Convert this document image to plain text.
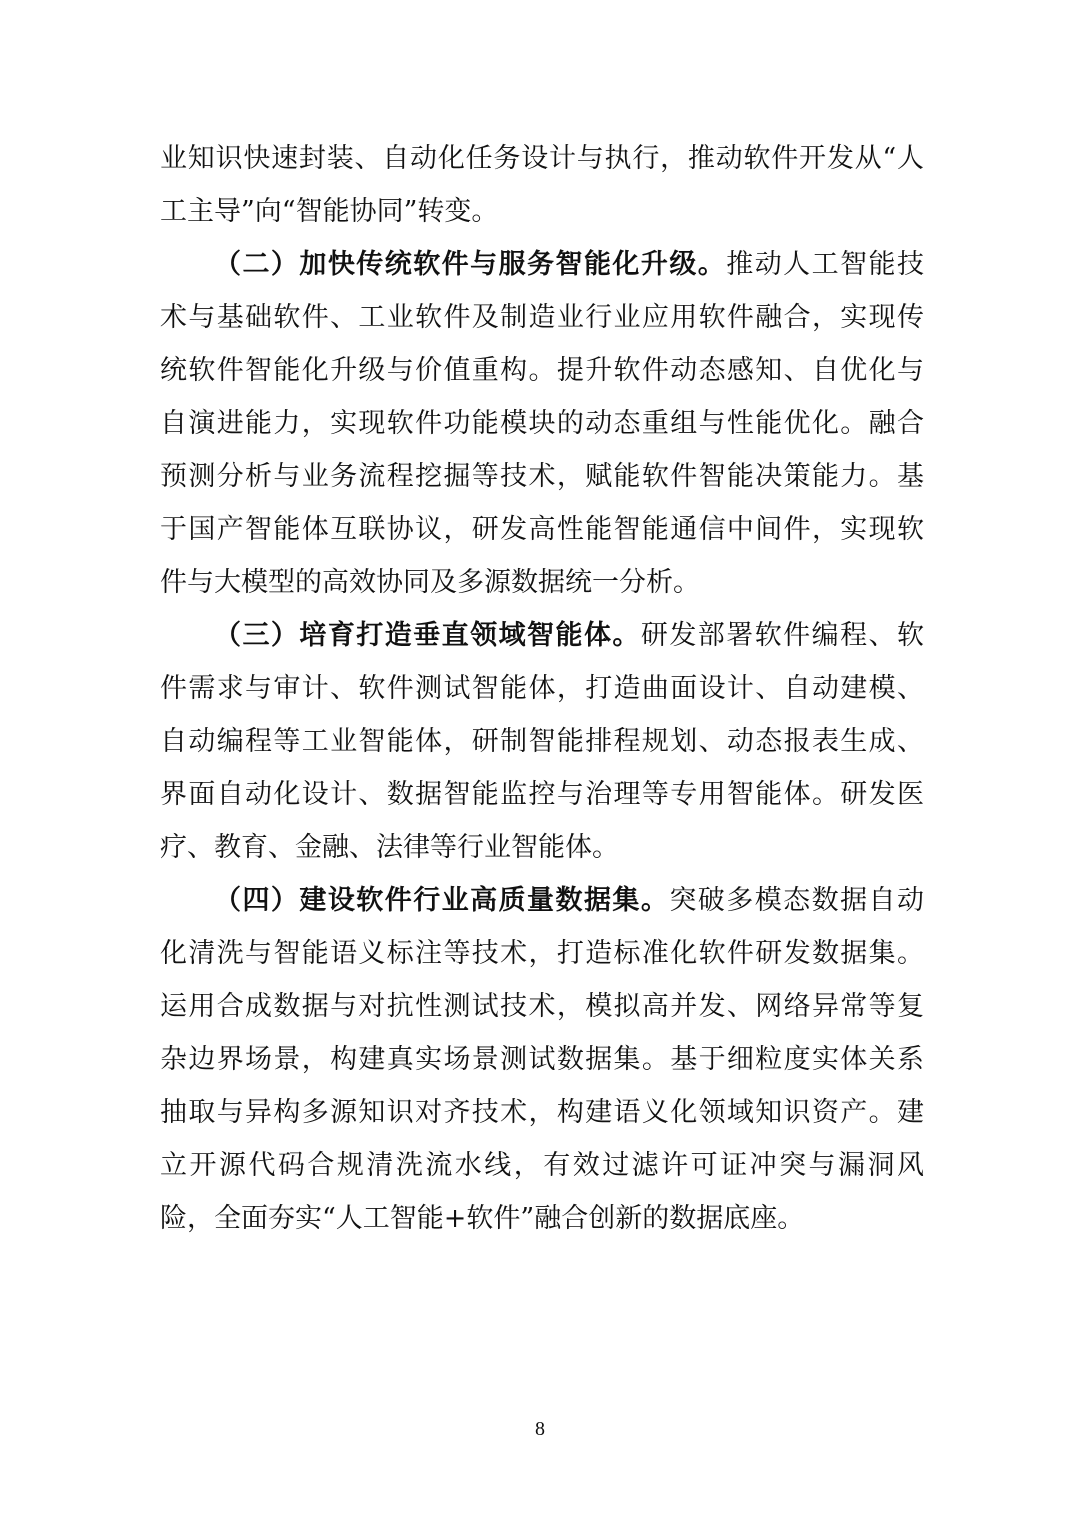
业知识快速封装、自动化任务设计与执行，推动软件开发从“人
工主导”向“智能协同”转变。
（二）加快传统软件与服务智能化升级。推动人工智能技
术与基础软件、工业软件及制造业行业应用软件融合，实现传
统软件智能化升级与价值重构。提升软件动态感知、自优化与
自演进能力，实现软件功能模块的动态重组与性能优化。融合
预测分析与业务流程挖掘等技术，赋能软件智能决策能力。基
于国产智能体互联协议，研发高性能智能通信中间件，实现软
件与大模型的高效协同及多源数据统一分析。
（三）培育打造垂直领域智能体。研发部署软件编程、软
件需求与审计、软件测试智能体，打造曲面设计、自动建模、
自动编程等工业智能体，研制智能排程规划、动态报表生成、
界面自动化设计、数据智能监控与治理等专用智能体。研发医
疗、教育、金融、法律等行业智能体。
（四）建设软件行业高质量数据集。突破多模态数据自动
化清洗与智能语义标注等技术，打造标准化软件研发数据集。
运用合成数据与对抗性测试技术，模拟高并发、网络异常等复
杂边界场景，构建真实场景测试数据集。基于细粒度实体关系
抽取与异构多源知识对齐技术，构建语义化领域知识资产。建
立开源代码合规清洗流水线，有效过滤许可证冲突与漏洞风
险，全面夯实“人工智能+软件”融合创新的数据底座。
8
